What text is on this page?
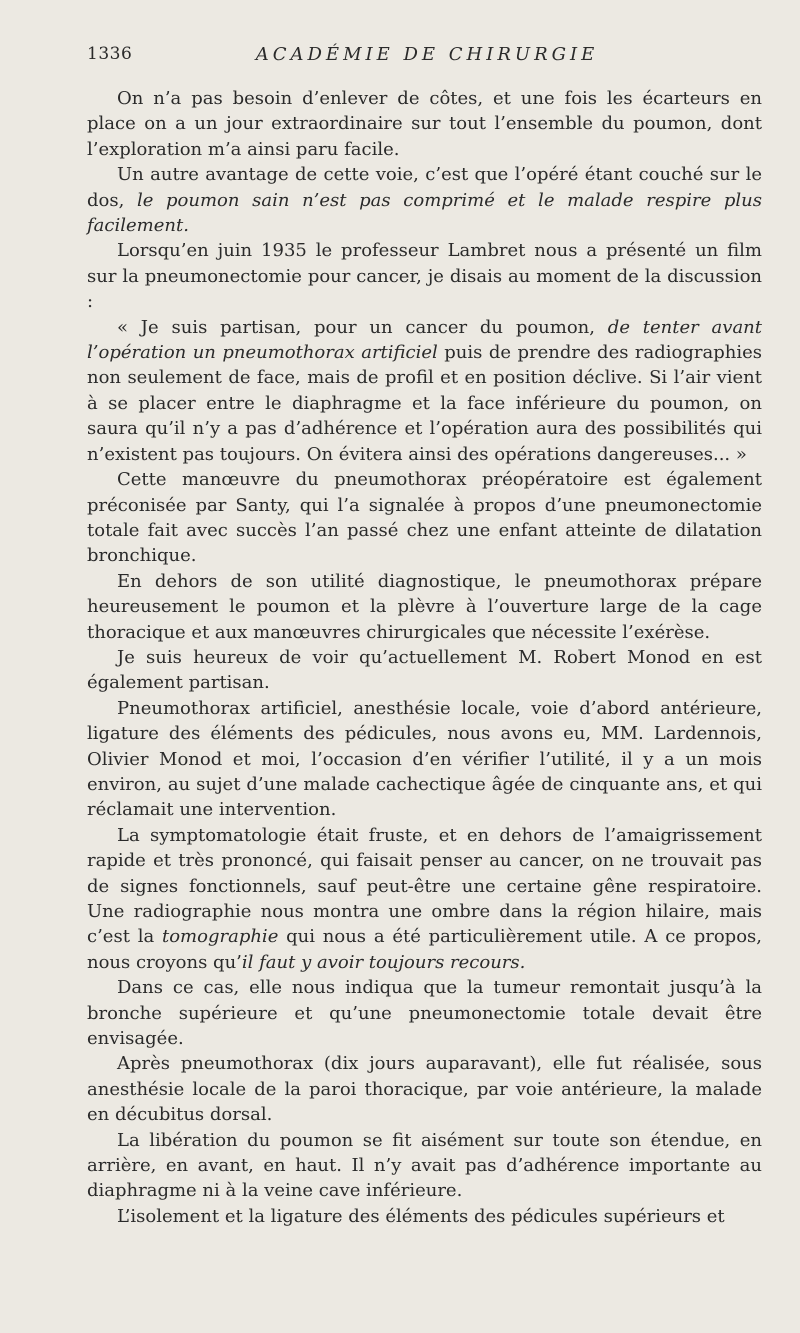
1336	ACADÉMIE DE CHIRURGIE

On n’a pas besoin d’enlever de côtes, et une fois les écarteurs en place on a un jour extraordinaire sur tout l’ensemble du poumon, dont l’exploration m’a ainsi paru facile.

Un autre avantage de cette voie, c’est que l’opéré étant couché sur le dos, le poumon sain n’est pas comprimé et le malade respire plus facilement.

Lorsqu’en juin 1935 le professeur Lambret nous a présenté un film sur la pneumonectomie pour cancer, je disais au moment de la discussion :

« Je suis partisan, pour un cancer du poumon, de tenter avant l’opération un pneumothorax artificiel puis de prendre des radiographies non seulement de face, mais de profil et en position déclive. Si l’air vient à se placer entre le diaphragme et la face inférieure du poumon, on saura qu’il n’y a pas d’adhérence et l’opération aura des possibilités qui n’existent pas toujours. On évitera ainsi des opérations dangereuses... »

Cette manœuvre du pneumothorax préopératoire est également préconisée par Santy, qui l’a signalée à propos d’une pneumonectomie totale fait avec succès l’an passé chez une enfant atteinte de dilatation bronchique.

En dehors de son utilité diagnostique, le pneumothorax prépare heureusement le poumon et la plèvre à l’ouverture large de la cage thoracique et aux manœuvres chirurgicales que nécessite l’exérèse.

Je suis heureux de voir qu’actuellement M. Robert Monod en est également partisan.

Pneumothorax artificiel, anesthésie locale, voie d’abord antérieure, ligature des éléments des pédicules, nous avons eu, MM. Lardennois, Olivier Monod et moi, l’occasion d’en vérifier l’utilité, il y a un mois environ, au sujet d’une malade cachectique âgée de cinquante ans, et qui réclamait une intervention.

La symptomatologie était fruste, et en dehors de l’amaigrissement rapide et très prononcé, qui faisait penser au cancer, on ne trouvait pas de signes fonctionnels, sauf peut-être une certaine gêne respiratoire. Une radiographie nous montra une ombre dans la région hilaire, mais c’est la tomographie qui nous a été particulièrement utile. A ce propos, nous croyons qu’il faut y avoir toujours recours.

Dans ce cas, elle nous indiqua que la tumeur remontait jusqu’à la bronche supérieure et qu’une pneumonectomie totale devait être envisagée.

Après pneumothorax (dix jours auparavant), elle fut réalisée, sous anesthésie locale de la paroi thoracique, par voie antérieure, la malade en décubitus dorsal.

La libération du poumon se fit aisément sur toute son étendue, en arrière, en avant, en haut. Il n’y avait pas d’adhérence importante au diaphragme ni à la veine cave inférieure.

L’isolement et la ligature des éléments des pédicules supérieurs et
